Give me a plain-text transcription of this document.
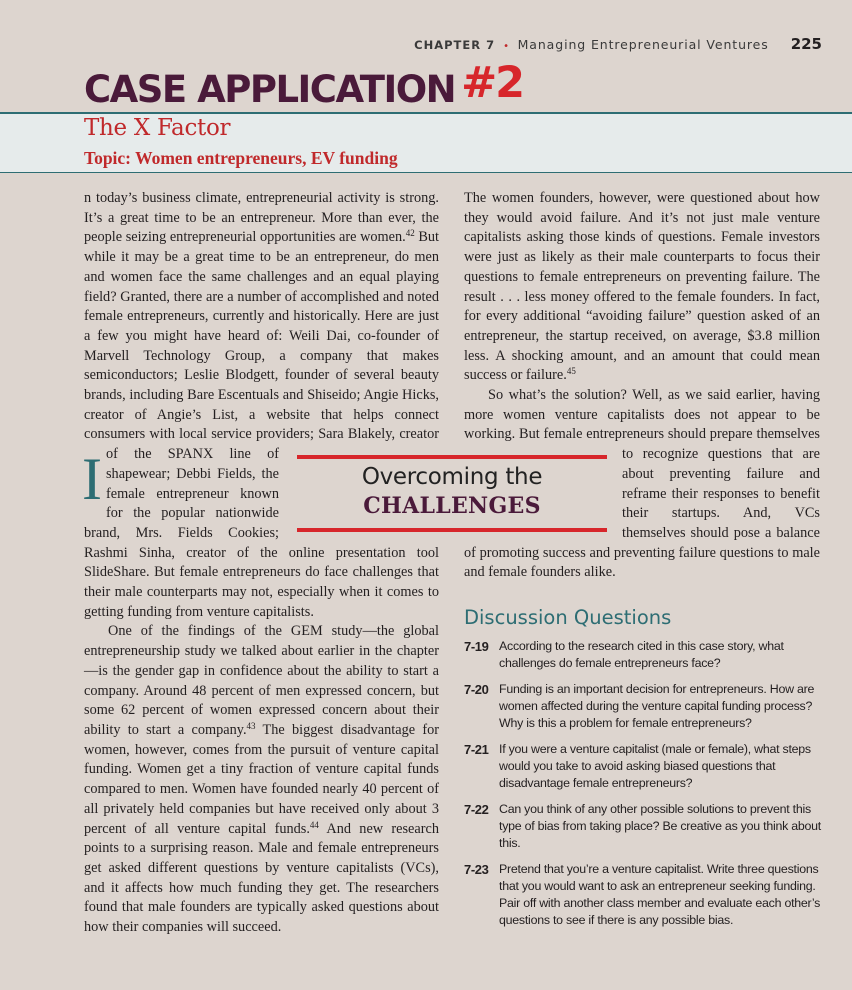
CHAPTER 7 • Managing Entrepreneurial Ventures 225
CASE APPLICATION #2
The X Factor
Topic: Women entrepreneurs, EV funding

I
n today’s business climate, entrepreneurial activity is strong. It’s a great time to be an entrepreneur. More than ever, the people seizing entrepreneurial opportunities are women.$^{42}$ But while it may be a great time to be an entrepreneur, do men and women face the same challenges and an equal playing field? Granted, there are a number of accomplished and noted female entrepreneurs, currently and historically. Here are just a few you might have heard of: Weili Dai, co-founder of Marvell Technology Group, a company that makes semiconductors; Leslie Blodgett, founder of several beauty brands, including Bare Escentuals and Shiseido; Angie Hicks, creator of Angie’s List, a website that helps connect consumers with local service providers; Sara Blakely, creator of the SPANX line of shapewear; Debbi Fields, the female entrepreneur known for the popular nationwide brand, Mrs. Fields Cookies; Rashmi Sinha, creator of the online presentation tool SlideShare. But female entrepreneurs do face challenges that their male counterparts may not, especially when it comes to getting funding from venture capitalists.

One of the findings of the GEM study—the global entrepreneurship study we talked about earlier in the chapter—is the gender gap in confidence about the ability to start a company. Around 48 percent of men expressed concern, but some 62 percent of women expressed concern about their ability to start a company.$^{43}$ The biggest disadvantage for women, however, comes from the pursuit of venture capital funding. Women get a tiny fraction of venture capital funds compared to men. Women have founded nearly 40 percent of all privately held companies but have received only about 3 percent of all venture capital funds.$^{44}$ And new research points to a surprising reason. Male and female entrepreneurs get asked different questions by venture capitalists (VCs), and it affects how much funding they get. The researchers found that male founders are typically asked questions about how their companies will succeed.

Overcoming the
CHALLENGES

The women founders, however, were questioned about how they would avoid failure. And it’s not just male venture capitalists asking those kinds of questions. Female investors were just as likely as their male counterparts to focus their questions to female entrepreneurs on preventing failure. The result . . . less money offered to the female founders. In fact, for every additional “avoiding failure” question asked of an entrepreneur, the startup received, on average, $3.8 million less. A shocking amount, and an amount that could mean success or failure.$^{45}$

So what’s the solution? Well, as we said earlier, having more women venture capitalists does not appear to be working. But female entrepreneurs should prepare themselves to recognize questions that are about preventing failure and reframe their responses to benefit their startups. And, VCs themselves should pose a balance of promoting success and preventing failure questions to male and female founders alike.

Discussion Questions
7-19 According to the research cited in this case story, what challenges do female entrepreneurs face?
7-20 Funding is an important decision for entrepreneurs. How are women affected during the venture capital funding process? Why is this a problem for female entrepreneurs?
7-21 If you were a venture capitalist (male or female), what steps would you take to avoid asking biased questions that disadvantage female entrepreneurs?
7-22 Can you think of any other possible solutions to prevent this type of bias from taking place? Be creative as you think about this.
7-23 Pretend that you’re a venture capitalist. Write three questions that you would want to ask an entrepreneur seeking funding. Pair off with another class member and evaluate each other’s questions to see if there is any possible bias.
